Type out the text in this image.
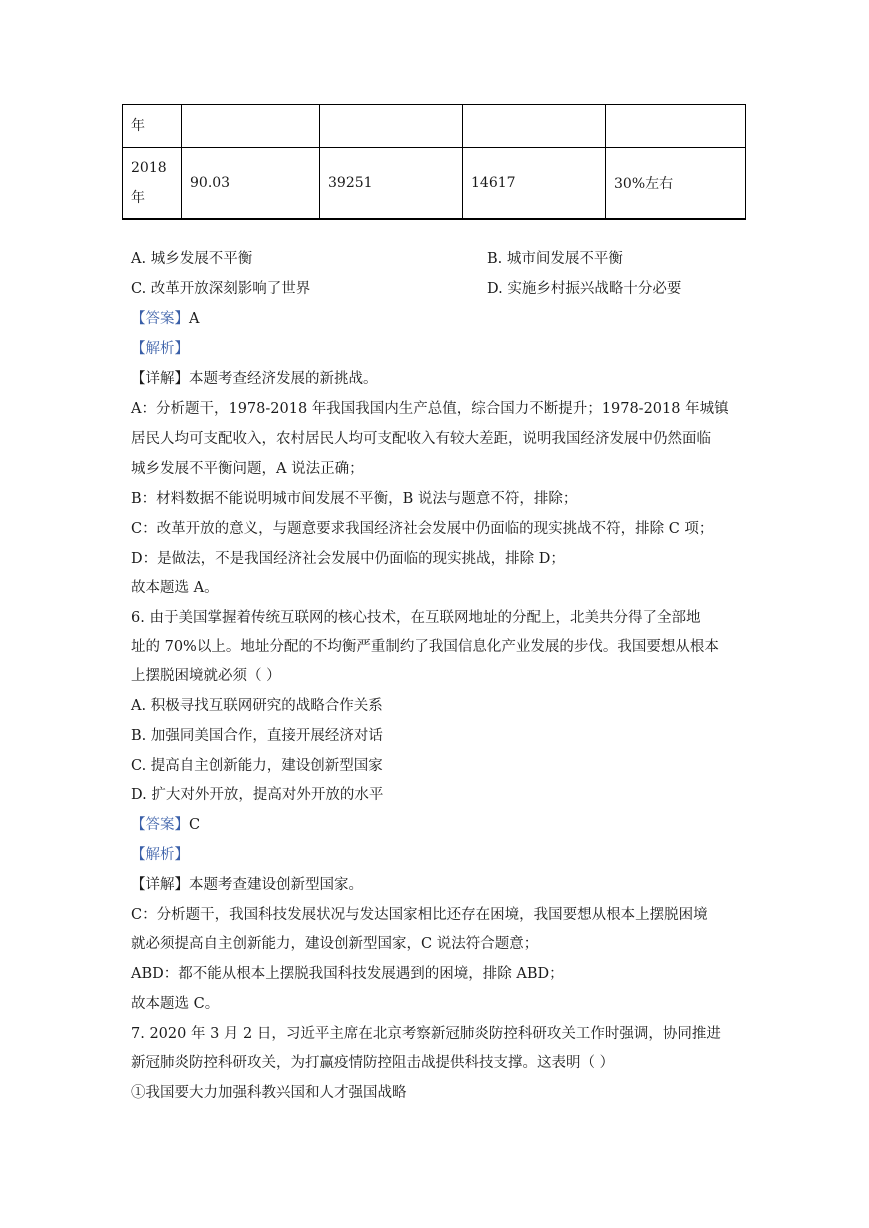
年				
2018
年	90.03	39251	14617	30%左右
A. 城乡发展不平衡	B. 城市间发展不平衡
C. 改革开放深刻影响了世界	D. 实施乡村振兴战略十分必要
【答案】A
【解析】
【详解】本题考查经济发展的新挑战。
A：分析题干，1978-2018 年我国我国内生产总值，综合国力不断提升；1978-2018 年城镇
居民人均可支配收入，农村居民人均可支配收入有较大差距，说明我国经济发展中仍然面临
城乡发展不平衡问题，A 说法正确；
B：材料数据不能说明城市间发展不平衡，B 说法与题意不符，排除；
C：改革开放的意义，与题意要求我国经济社会发展中仍面临的现实挑战不符，排除 C 项；
D：是做法，不是我国经济社会发展中仍面临的现实挑战，排除 D；
故本题选 A。
6. 由于美国掌握着传统互联网的核心技术，在互联网地址的分配上，北美共分得了全部地
址的 70%以上。地址分配的不均衡严重制约了我国信息化产业发展的步伐。我国要想从根本
上摆脱困境就必须（ ）
A. 积极寻找互联网研究的战略合作关系
B. 加强同美国合作，直接开展经济对话
C. 提高自主创新能力，建设创新型国家
D. 扩大对外开放，提高对外开放的水平
【答案】C
【解析】
【详解】本题考查建设创新型国家。
C：分析题干，我国科技发展状况与发达国家相比还存在困境，我国要想从根本上摆脱困境
就必须提高自主创新能力，建设创新型国家，C 说法符合题意；
ABD：都不能从根本上摆脱我国科技发展遇到的困境，排除 ABD；
故本题选 C。
7. 2020 年 3 月 2 日，习近平主席在北京考察新冠肺炎防控科研攻关工作时强调，协同推进
新冠肺炎防控科研攻关，为打赢疫情防控阻击战提供科技支撑。这表明（ ）
①我国要大力加强科教兴国和人才强国战略
